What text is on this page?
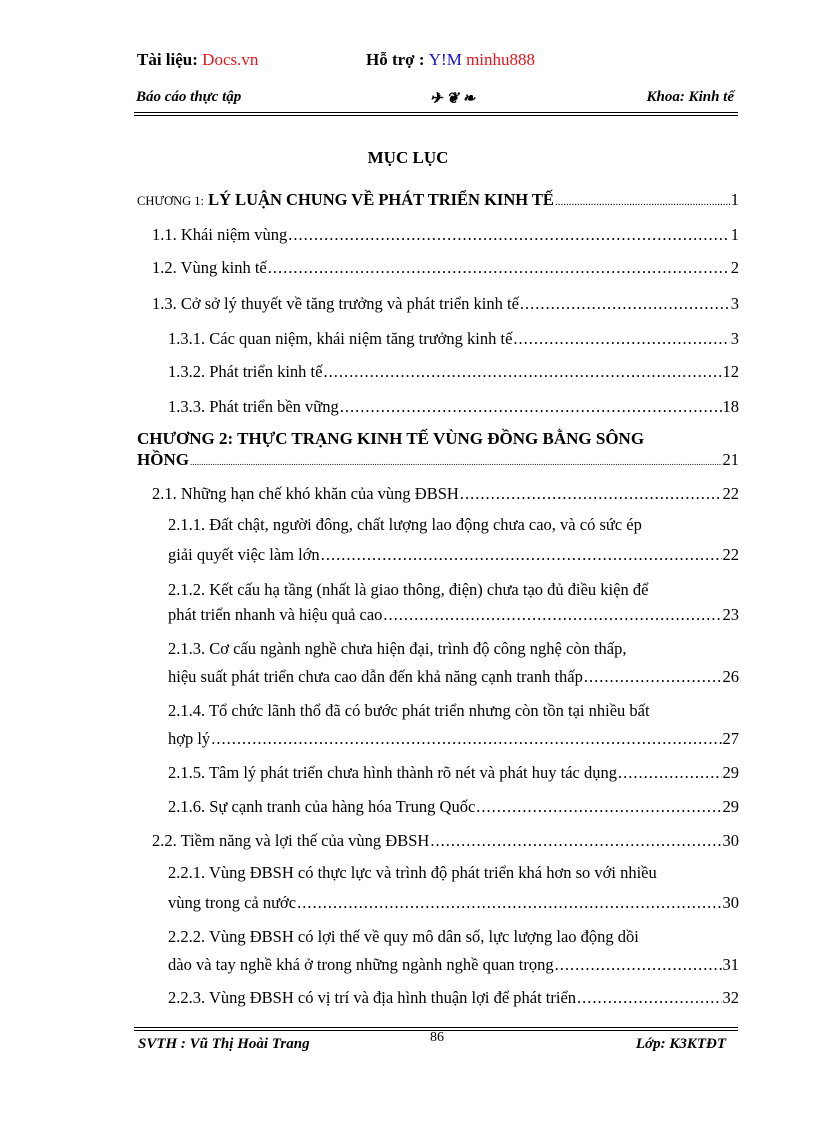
Tài liệu: Docs.vn	Hỗ trợ : Y!M minhu888
Báo cáo thực tập	✈ ❦ ❧	Khoa: Kinh tế
MỤC LỤC
CHƯƠNG 1: LÝ LUẬN CHUNG VỀ PHÁT TRIỂN KINH TẾ .....	1
1.1. Khái niệm vùng .....	1
1.2. Vùng kinh tế .....	2
1.3. Cở sở lý thuyết về tăng trưởng và phát triển kinh tế .....	3
1.3.1. Các quan niệm, khái niệm tăng trưởng kinh tế .....	3
1.3.2. Phát triển kinh tế .....	12
1.3.3. Phát triển bền vững .....	18
CHƯƠNG 2: THỰC TRẠNG KINH TẾ VÙNG ĐỒNG BẰNG SÔNG
HỒNG .....	21
2.1. Những hạn chế khó khăn của vùng ĐBSH .....	22
2.1.1. Đất chật, người đông, chất lượng lao động chưa cao, và có sức ép
giải quyết việc làm lớn .....	22
2.1.2. Kết cấu hạ tầng (nhất là giao thông, điện) chưa tạo đủ điều kiện để
phát triển nhanh và hiệu quả cao .....	23
2.1.3. Cơ cấu ngành nghề chưa hiện đại, trình độ công nghệ còn thấp,
hiệu suất phát triển chưa cao dẫn đến khả năng cạnh tranh thấp .....	26
2.1.4. Tổ chức lãnh thổ đã có bước phát triển nhưng còn tồn tại nhiều bất
hợp lý .....	27
2.1.5. Tâm lý phát triển chưa hình thành rõ nét và phát huy tác dụng .....	29
2.1.6. Sự cạnh tranh của hàng hóa Trung Quốc .....	29
2.2. Tiềm năng và lợi thế của vùng ĐBSH .....	30
2.2.1. Vùng ĐBSH có thực lực và trình độ phát triển khá hơn so với nhiều
vùng trong cả nước .....	30
2.2.2. Vùng ĐBSH có lợi thế về quy mô dân số, lực lượng lao động dồi
dào và tay nghề khá ở trong những ngành nghề quan trọng .....	31
2.2.3. Vùng ĐBSH có vị trí và địa hình thuận lợi để phát triển .....	32
SVTH : Vũ Thị Hoài Trang	86	Lớp: K3KTĐT
